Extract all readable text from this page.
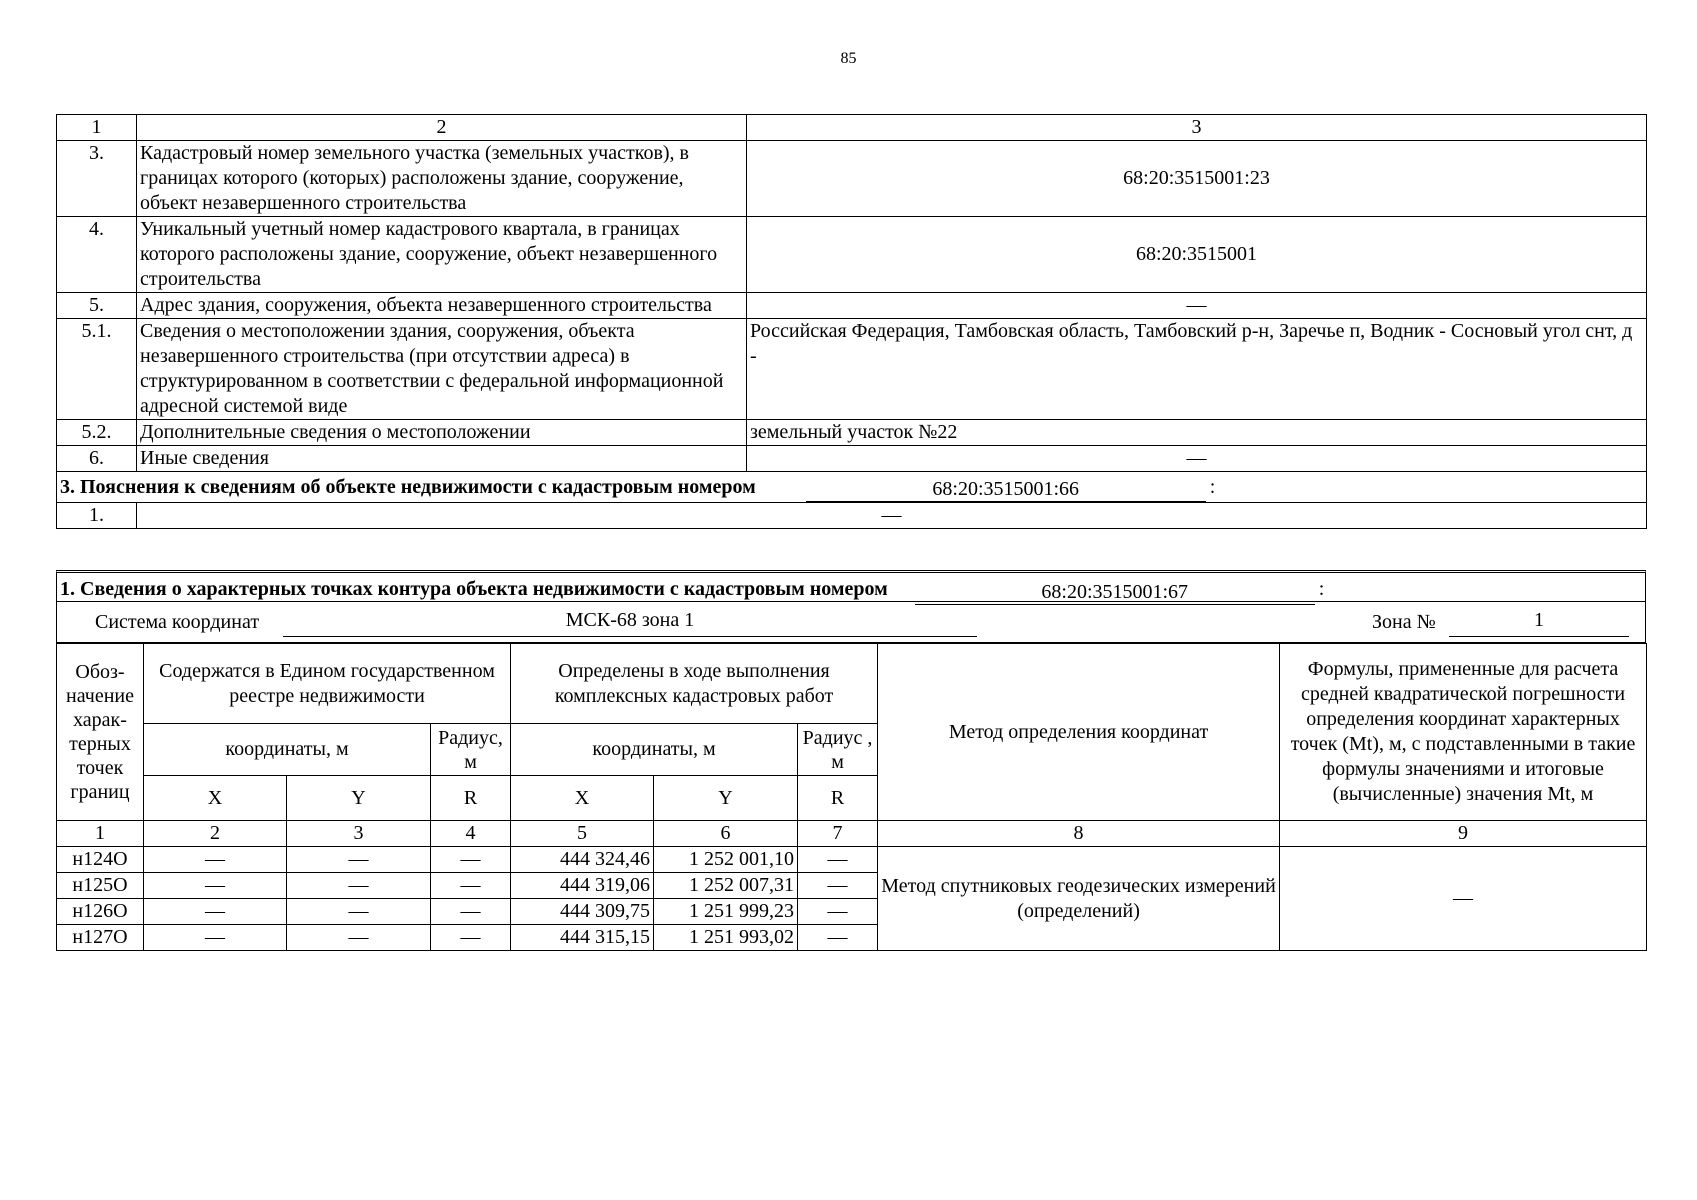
85
1	2	3
3.	Кадастровый номер земельного участка (земельных участков), в границах которого (которых) расположены здание, сооружение, объект незавершенного строительства	68:20:3515001:23
4.	Уникальный учетный номер кадастрового квартала, в границах которого расположены здание, сооружение, объект незавершенного строительства	68:20:3515001
5.	Адрес здания, сооружения, объекта незавершенного строительства	—
5.1.	Сведения о местоположении здания, сооружения, объекта незавершенного строительства (при отсутствии адреса) в структурированном в соответствии с федеральной информационной адресной системой виде	Российская Федерация, Тамбовская область, Тамбовский р-н, Заречье п, Водник - Сосновый угол снт, д -
5.2.	Дополнительные сведения о местоположении	земельный участок №22
6.	Иные сведения	—
3. Пояснения к сведениям об объекте недвижимости с кадастровым номером 68:20:3515001:66 :		
1.	—	
1. Сведения о характерных точках контура объекта недвижимости с кадастровым номером	68:20:3515001:67	:
Система координат	МСК-68 зона 1	Зона №	1
Обоз-начение харак-терных точек границ	Содержатся в Едином государственном реестре недвижимости			Определены в ходе выполнения комплексных кадастровых работ			Метод определения координат	Формулы, примененные для расчета средней квадратической погрешности определения координат характерных точек (Mt), м, с подставленными в такие формулы значениями и итоговые (вычисленные) значения Mt, м
	координаты, м		Радиус, м	координаты, м		Радиус , м		
	X	Y	R	X	Y	R		
1	2	3	4	5	6	7	8	9
н124О	—	—	—	444 324,46	1 252 001,10	—	Метод спутниковых геодезических измерений (определений)	—
н125О	—	—	—	444 319,06	1 252 007,31	—		
н126О	—	—	—	444 309,75	1 251 999,23	—		
н127О	—	—	—	444 315,15	1 251 993,02	—		
